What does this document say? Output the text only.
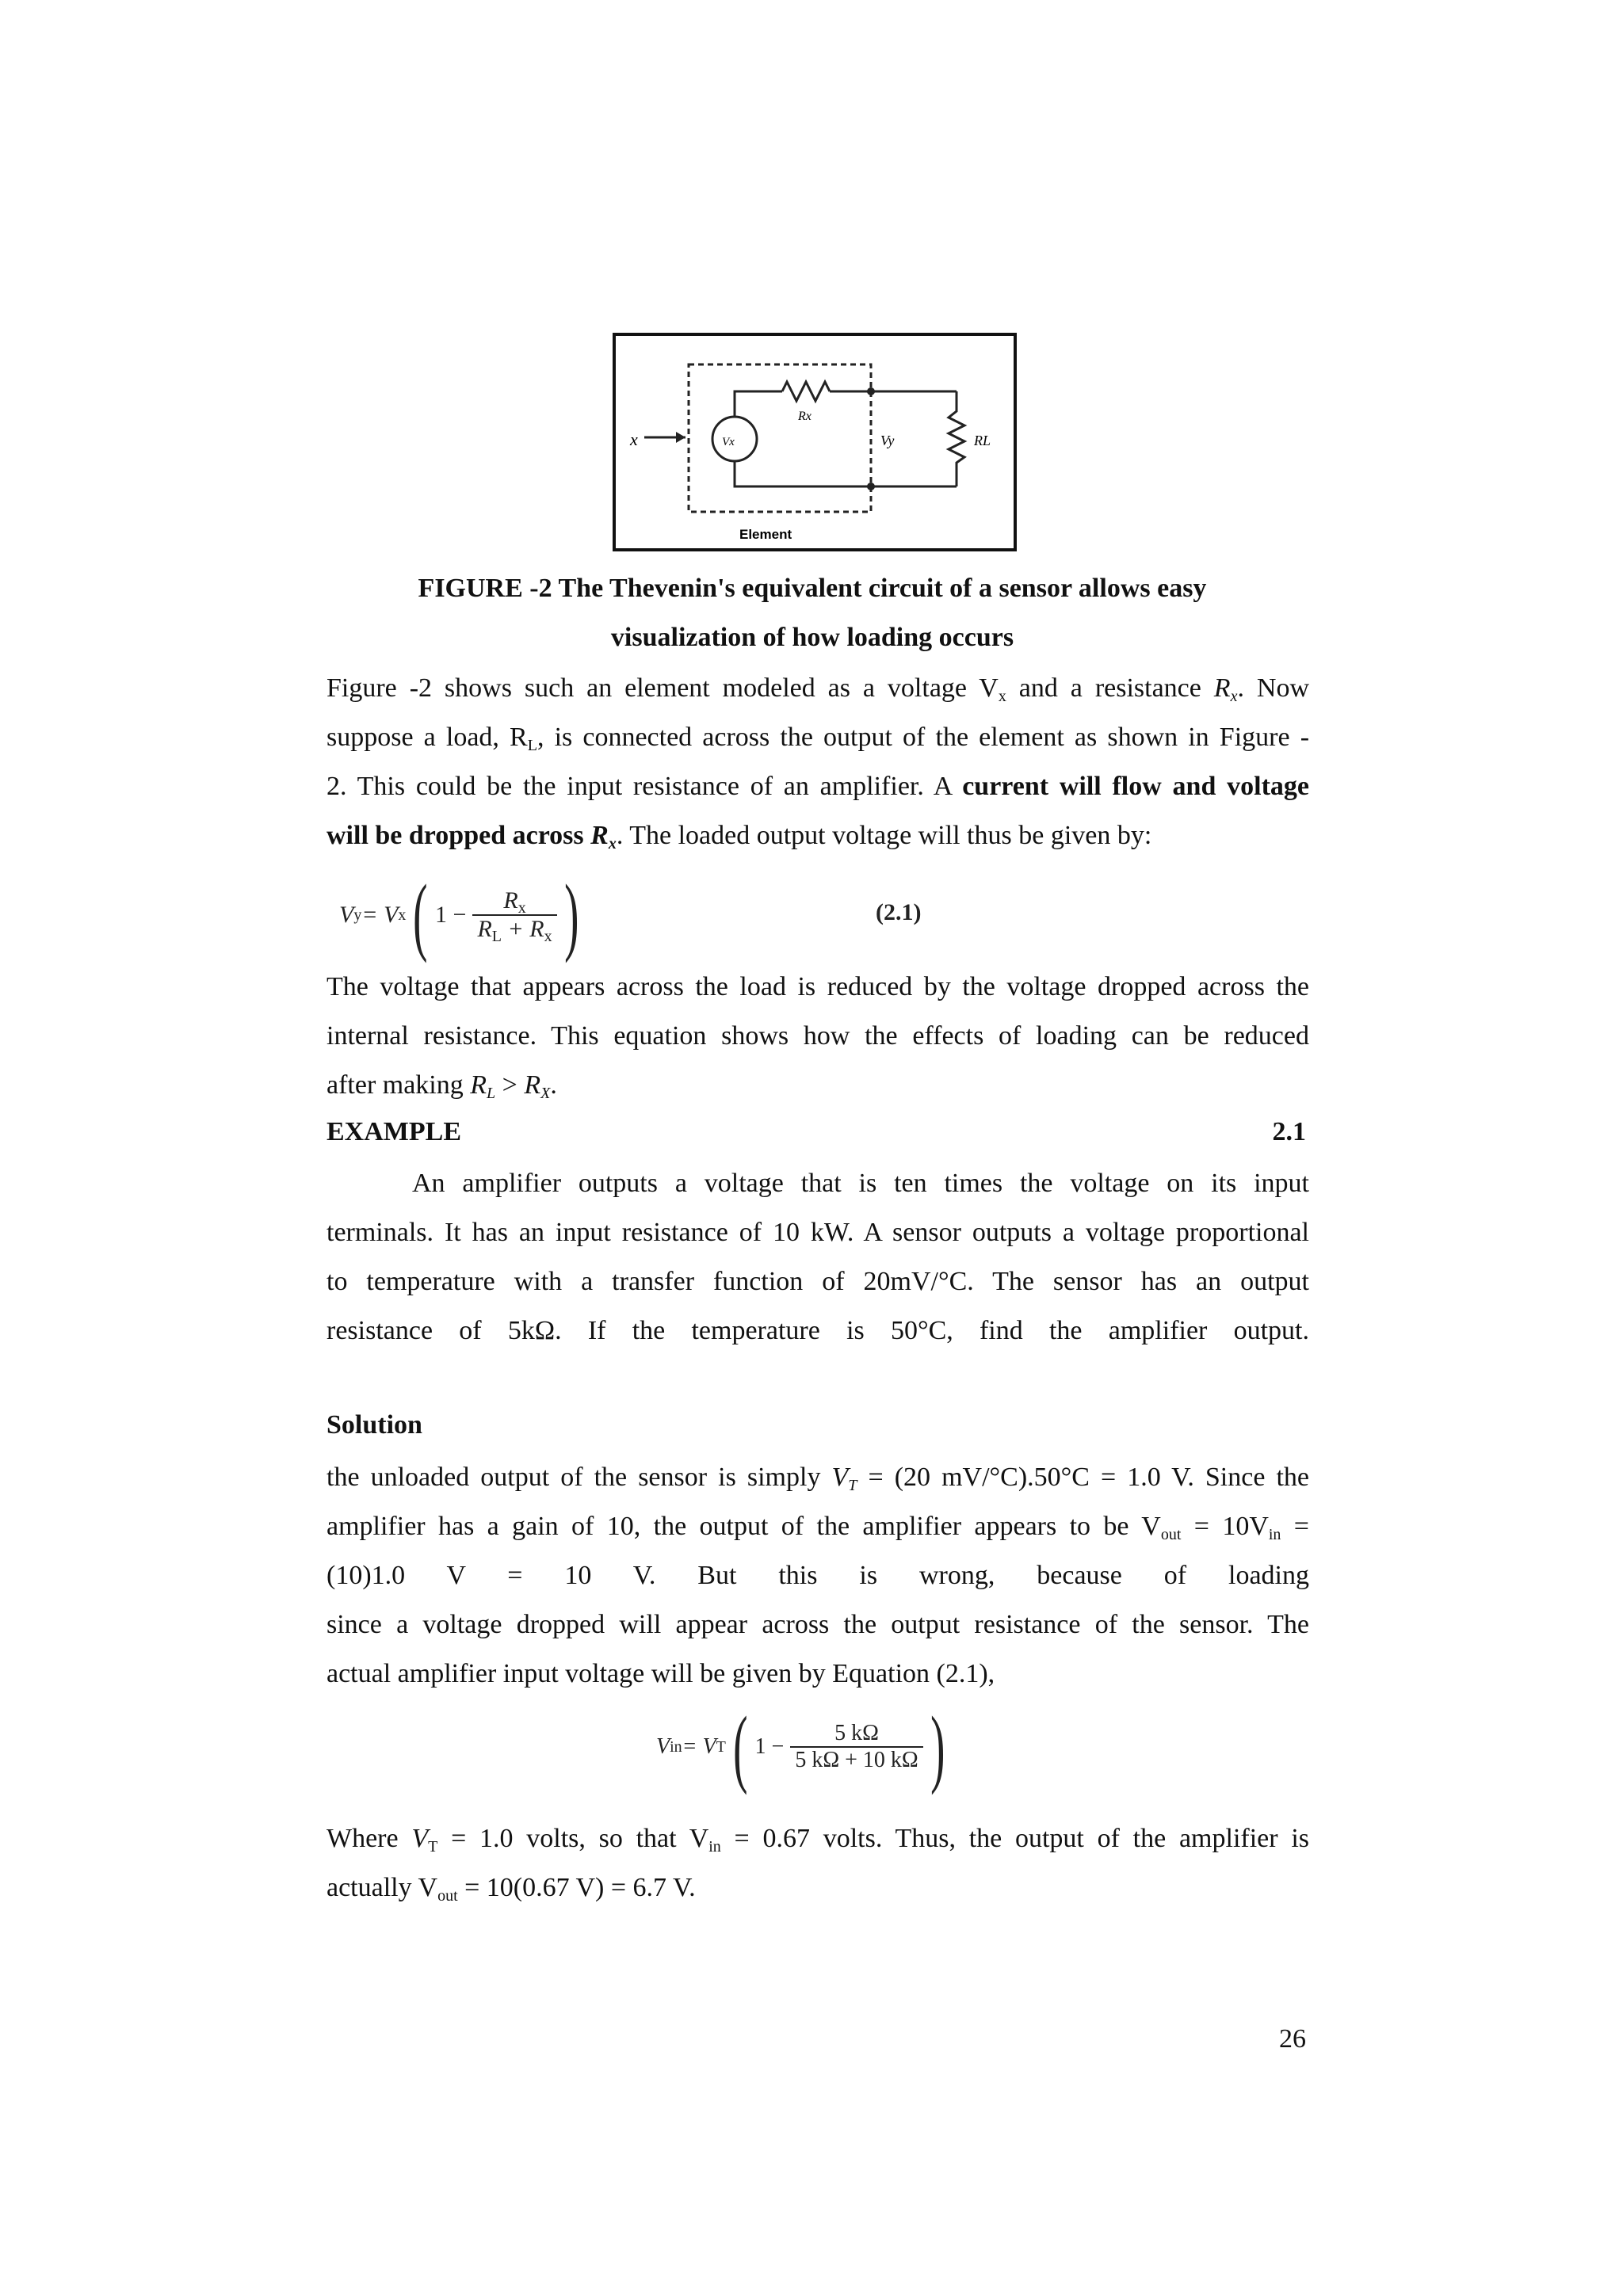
x	Vx
Rx
Vy	RL
Element
FIGURE -2 The Thevenin's equivalent circuit of a sensor allows easy
visualization of how loading occurs
Figure -2 shows such an element modeled as a voltage $V_x$ and a resistance $R_x$. Now
suppose a load, $R_L$, is connected across the output of the element as shown in Figure -
2. This could be the input resistance of an amplifier. A current will flow and voltage
will be dropped across $R_x$. The loaded output voltage will thus be given by:
V y = V x ( $1 - \frac{R_x}{R_L + R_x}$ )	(2.1)
The voltage that appears across the load is reduced by the voltage dropped across the
internal resistance. This equation shows how the effects of loading can be reduced
after making $R_L > R_X$.
EXAMPLE	2.1
An amplifier outputs a voltage that is ten times the voltage on its input
terminals. It has an input resistance of 10 kW. A sensor outputs a voltage proportional
to temperature with a transfer function of 20mV/°C. The sensor has an output
resistance of 5kΩ. If the temperature is 50°C, find the amplifier output.
Solution
the unloaded output of the sensor is simply $V_T = (20$ mV/°C).50°C = 1.0 V. Since the
amplifier has a gain of 10, the output of the amplifier appears to be $V_{out} = 10V_{in}$ =
(10)1.0 V = 10 V. But this is wrong, because of loading
since a voltage dropped will appear across the output resistance of the sensor. The
actual amplifier input voltage will be given by Equation (2.1),
V in = V T ( $1 - \frac{5 k\Omega}{5 k\Omega + 10 k\Omega}$ )
Where $V_T = 1.0$ volts, so that $V_{in} = 0.67$ volts. Thus, the output of the amplifier is
actually $V_{out} = 10(0.67$ V) = 6.7 V.
26
